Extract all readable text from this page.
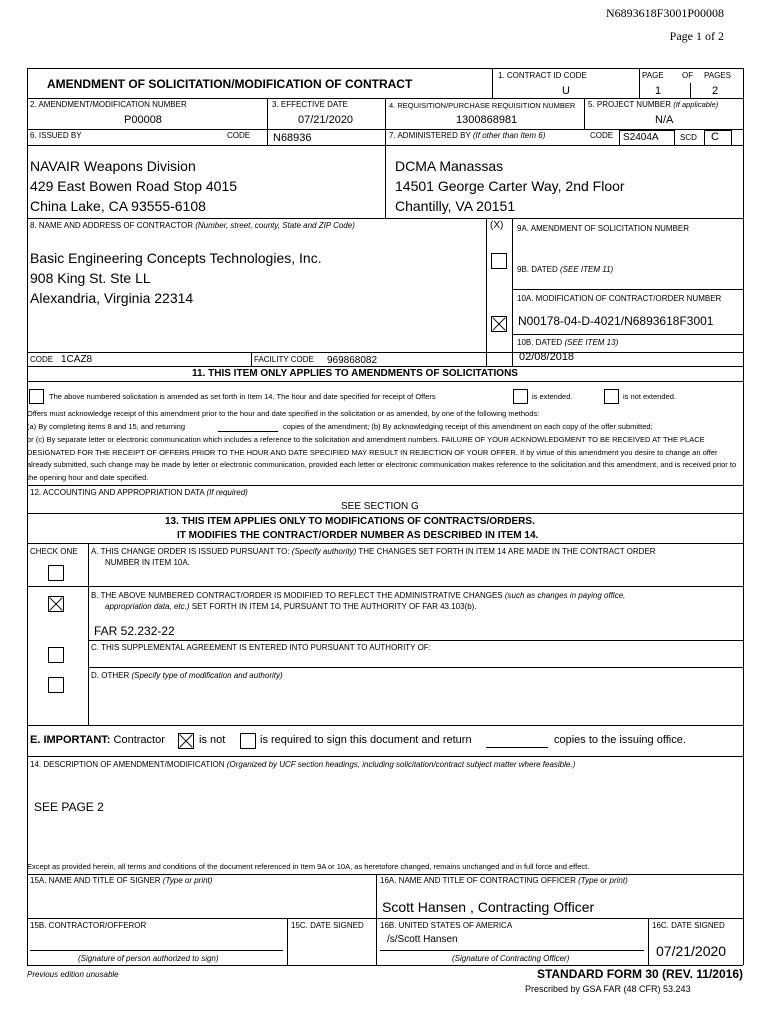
N6893618F3001P00008
Page 1 of 2
AMENDMENT OF SOLICITATION/MODIFICATION OF CONTRACT
1. CONTRACT ID CODE
U
PAGE OF PAGES
1	2
2. AMENDMENT/MODIFICATION NUMBER
P00008
3. EFFECTIVE DATE
07/21/2020
4. REQUISITION/PURCHASE REQUISITION NUMBER
1300868981
5. PROJECT NUMBER (If applicable)
N/A
6. ISSUED BY	CODE N68936	7. ADMINISTERED BY (If other than Item 6)	CODE S2404A	SCD C
NAVAIR Weapons Division
429 East Bowen Road Stop 4015
China Lake, CA 93555-6108
DCMA Manassas
14501 George Carter Way, 2nd Floor
Chantilly, VA 20151
8. NAME AND ADDRESS OF CONTRACTOR (Number, street, county, State and ZIP Code)	(X) 9A. AMENDMENT OF SOLICITATION NUMBER
Basic Engineering Concepts Technologies, Inc.
908 King St. Ste LL
Alexandria, Virginia 22314
9B. DATED (SEE ITEM 11)
10A. MODIFICATION OF CONTRACT/ORDER NUMBER
N00178-04-D-4021/N6893618F3001
10B. DATED (SEE ITEM 13)
02/08/2018
CODE 1CAZ8	FACILITY CODE 969868082
11. THIS ITEM ONLY APPLIES TO AMENDMENTS OF SOLICITATIONS
The above numbered solicitation is amended as set forth in Item 14. The hour and date specified for receipt of Offers	is extended.	is not extended.
Offers must acknowledge receipt of this amendment prior to the hour and date specified in the solicitation or as amended, by one of the following methods:
(a) By completing items 8 and 15, and returning	copies of the amendment; (b) By acknowledging receipt of this amendment on each copy of the offer submitted;
or (c) By separate letter or electronic communication which includes a reference to the solicitation and amendment numbers. FAILURE OF YOUR ACKNOWLEDGMENT TO BE RECEIVED AT THE PLACE DESIGNATED FOR THE RECEIPT OF OFFERS PRIOR TO THE HOUR AND DATE SPECIFIED MAY RESULT IN REJECTION OF YOUR OFFER. If by virtue of this amendment you desire to change an offer already submitted, such change may be made by letter or electronic communication, provided each letter or electronic communication makes reference to the solicitation and this amendment, and is received prior to the opening hour and date specified.
12. ACCOUNTING AND APPROPRIATION DATA (If required)
SEE SECTION G
13. THIS ITEM APPLIES ONLY TO MODIFICATIONS OF CONTRACTS/ORDERS.
IT MODIFIES THE CONTRACT/ORDER NUMBER AS DESCRIBED IN ITEM 14.
CHECK ONE A. THIS CHANGE ORDER IS ISSUED PURSUANT TO: (Specify authority) THE CHANGES SET FORTH IN ITEM 14 ARE MADE IN THE CONTRACT ORDER
NUMBER IN ITEM 10A.
B. THE ABOVE NUMBERED CONTRACT/ORDER IS MODIFIED TO REFLECT THE ADMINISTRATIVE CHANGES (such as changes in paying office,
appropriation data, etc.) SET FORTH IN ITEM 14, PURSUANT TO THE AUTHORITY OF FAR 43.103(b).
FAR 52.232-22
C. THIS SUPPLEMENTAL AGREEMENT IS ENTERED INTO PURSUANT TO AUTHORITY OF:
D. OTHER (Specify type of modification and authority)
E. IMPORTANT: Contractor	is not	is required to sign this document and return	copies to the issuing office.
14. DESCRIPTION OF AMENDMENT/MODIFICATION (Organized by UCF section headings, including solicitation/contract subject matter where feasible.)
SEE PAGE 2
Except as provided herein, all terms and conditions of the document referenced in Item 9A or 10A, as heretofore changed, remains unchanged and in full force and effect.
15A. NAME AND TITLE OF SIGNER (Type or print)	16A. NAME AND TITLE OF CONTRACTING OFFICER (Type or print)
Scott Hansen , Contracting Officer
15B. CONTRACTOR/OFFEROR	15C. DATE SIGNED 16B. UNITED STATES OF AMERICA
/s/Scott Hansen
16C. DATE SIGNED
07/21/2020
(Signature of person authorized to sign)	(Signature of Contracting Officer)
Previous edition unusable	STANDARD FORM 30 (REV. 11/2016)
Prescribed by GSA FAR (48 CFR) 53.243
